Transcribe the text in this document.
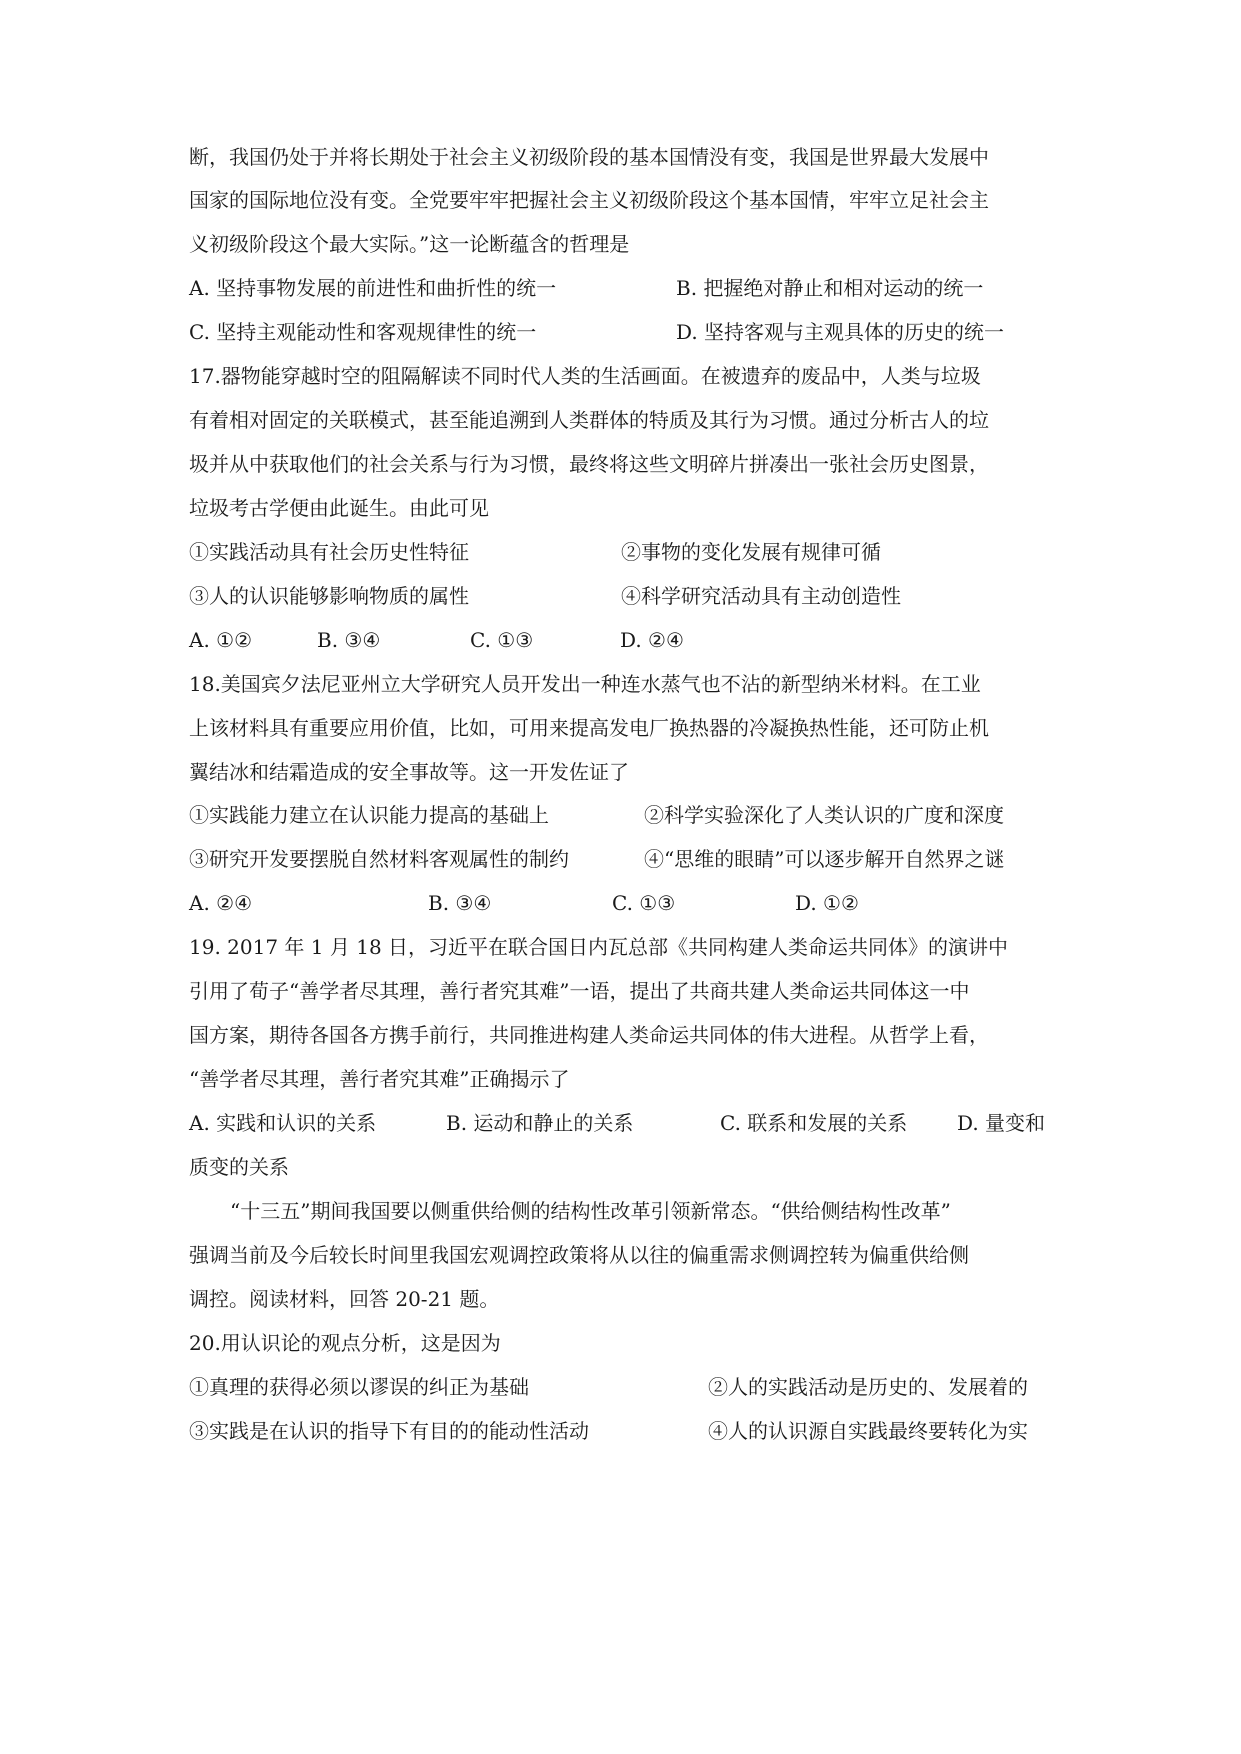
断，我国仍处于并将长期处于社会主义初级阶段的基本国情没有变，我国是世界最大发展中
国家的国际地位没有变。全党要牢牢把握社会主义初级阶段这个基本国情，牢牢立足社会主
义初级阶段这个最大实际。”这一论断蕴含的哲理是
A. 坚持事物发展的前进性和曲折性的统一	B. 把握绝对静止和相对运动的统一
C. 坚持主观能动性和客观规律性的统一	D. 坚持客观与主观具体的历史的统一
17.器物能穿越时空的阻隔解读不同时代人类的生活画面。在被遗弃的废品中，人类与垃圾
有着相对固定的关联模式，甚至能追溯到人类群体的特质及其行为习惯。通过分析古人的垃
圾并从中获取他们的社会关系与行为习惯，最终将这些文明碎片拼凑出一张社会历史图景，
垃圾考古学便由此诞生。由此可见
①实践活动具有社会历史性特征	②事物的变化发展有规律可循
③人的认识能够影响物质的属性	④科学研究活动具有主动创造性
A. ①②	B. ③④	C. ①③	D. ②④
18.美国宾夕法尼亚州立大学研究人员开发出一种连水蒸气也不沾的新型纳米材料。在工业
上该材料具有重要应用价值，比如，可用来提高发电厂换热器的冷凝换热性能，还可防止机
翼结冰和结霜造成的安全事故等。这一开发佐证了
①实践能力建立在认识能力提高的基础上	②科学实验深化了人类认识的广度和深度
③研究开发要摆脱自然材料客观属性的制约	④“思维的眼睛”可以逐步解开自然界之谜
A. ②④	B. ③④	C. ①③	D. ①②
19. 2017 年 1 月 18 日，习近平在联合国日内瓦总部《共同构建人类命运共同体》的演讲中
引用了荀子“善学者尽其理，善行者究其难”一语，提出了共商共建人类命运共同体这一中
国方案，期待各国各方携手前行，共同推进构建人类命运共同体的伟大进程。从哲学上看，
“善学者尽其理，善行者究其难”正确揭示了
A. 实践和认识的关系	B. 运动和静止的关系	C. 联系和发展的关系 D. 量变和
质变的关系
“十三五”期间我国要以侧重供给侧的结构性改革引领新常态。“供给侧结构性改革”
强调当前及今后较长时间里我国宏观调控政策将从以往的偏重需求侧调控转为偏重供给侧
调控。阅读材料，回答 20-21 题。
20.用认识论的观点分析，这是因为
①真理的获得必须以谬误的纠正为基础	②人的实践活动是历史的、发展着的
③实践是在认识的指导下有目的的能动性活动	④人的认识源自实践最终要转化为实
